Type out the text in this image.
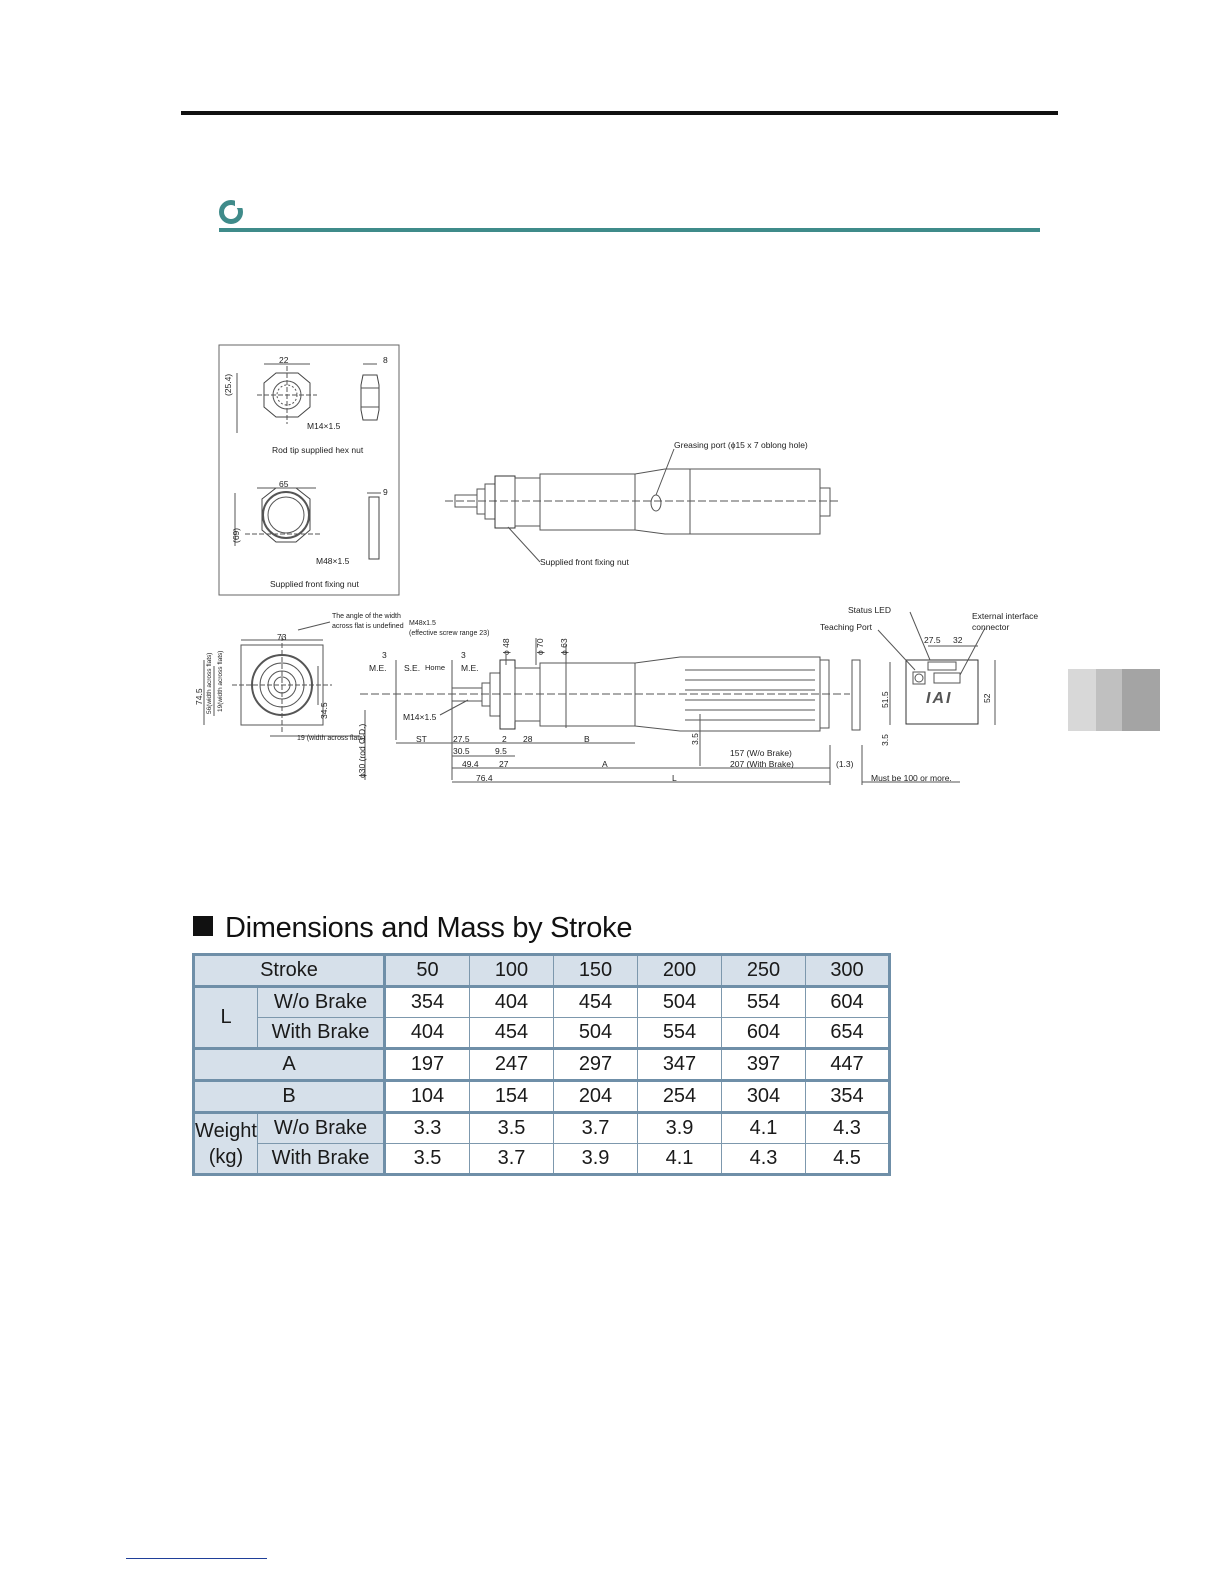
22	8
(25.4)
M14×1.5
Rod tip supplied hex nut
65
9
(69)
M48×1.5
Supplied front fixing nut
Greasing port (ϕ15 x 7 oblong hole)
Supplied front fixing nut
The angle of the width
across flat is undefined
73
74.5 56(width across flats) 19(width across flats)	34.5
19 (width across flats)
ϕ30 (rod O.D.)
M48x1.5
(effective screw range 23)
3	3
M.E. S.E. Home M.E.
M14×1.5
ϕ 48	ϕ 70 ϕ 63
ST	27.5	2 28	B
30.5	9.5
49.4 27	A
76.4	L
3.5
157 (W/o Brake)
207 (With Brake)	(1.3)
Must be 100 or more.
Status LED
Teaching Port
External interface
connector
27.5 32
51.5	52
3.5
IAI
Dimensions and Mass by Stroke
Stroke		50	100	150	200	250	300
L	W/o Brake	354	404	454	504	554	604
	With Brake	404	454	504	554	604	654
A		197	247	297	347	397	447
B		104	154	204	254	304	354
Weight
(kg)	W/o Brake	3.3	3.5	3.7	3.9	4.1	4.3
	With Brake	3.5	3.7	3.9	4.1	4.3	4.5
